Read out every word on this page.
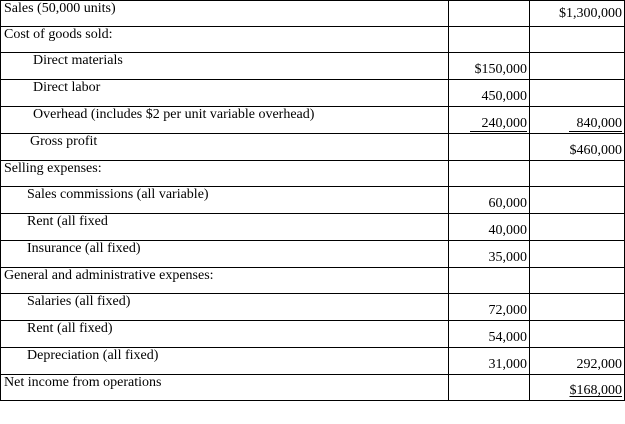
Sales (50,000 units)		$1,300,000
Cost of goods sold:		
Direct materials	$150,000	
Direct labor	450,000	
Overhead (includes $2 per unit variable overhead)	240,000	840,000
Gross profit		$460,000
Selling expenses:		
Sales commissions (all variable)	60,000	
Rent (all fixed	40,000	
Insurance (all fixed)	35,000	
General and administrative expenses:		
Salaries (all fixed)	72,000	
Rent (all fixed)	54,000	
Depreciation (all fixed)	31,000	292,000
Net income from operations		$168,000
